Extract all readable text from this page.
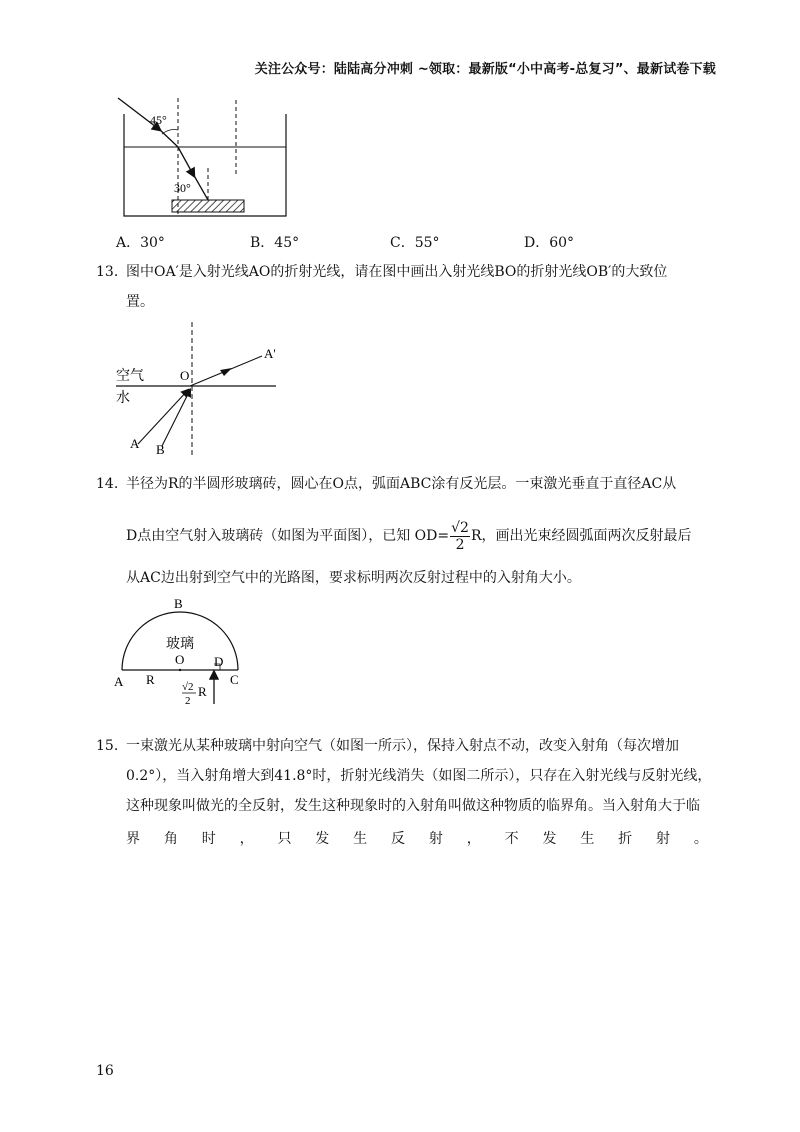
关注公众号：陆陆高分冲刺 ~领取：最新版“小中高考-总复习”、最新试卷下载
45°
30°
A．30°	B．45°	C．55°	D．60°
13. 图中OA′是入射光线AO的折射光线，请在图中画出入射光线BO的折射光线OB′的大致位
置。
空气
水
O
A'
A B
14. 半径为R的半圆形玻璃砖，圆心在O点，弧面ABC涂有反光层。一束激光垂直于直径AC从
D点由空气射入玻璃砖（如图为平面图），已知 $OD= \frac{√2}{2}$ R，画出光束经圆弧面两次反射最后
从AC边出射到空气中的光路图，要求标明两次反射过程中的入射角大小。
B
玻璃
O D
A R	C
√2
2
R
15. 一束激光从某种玻璃中射向空气（如图一所示），保持入射点不动，改变入射角（每次增加
0.2°），当入射角增大到41.8°时，折射光线消失（如图二所示），只存在入射光线与反射光线，
这种现象叫做光的全反射，发生这种现象时的入射角叫做这种物质的临界角。当入射角大于临
界 角 时 ， 只 发 生 反 射 ， 不 发 生 折 射 。
16
